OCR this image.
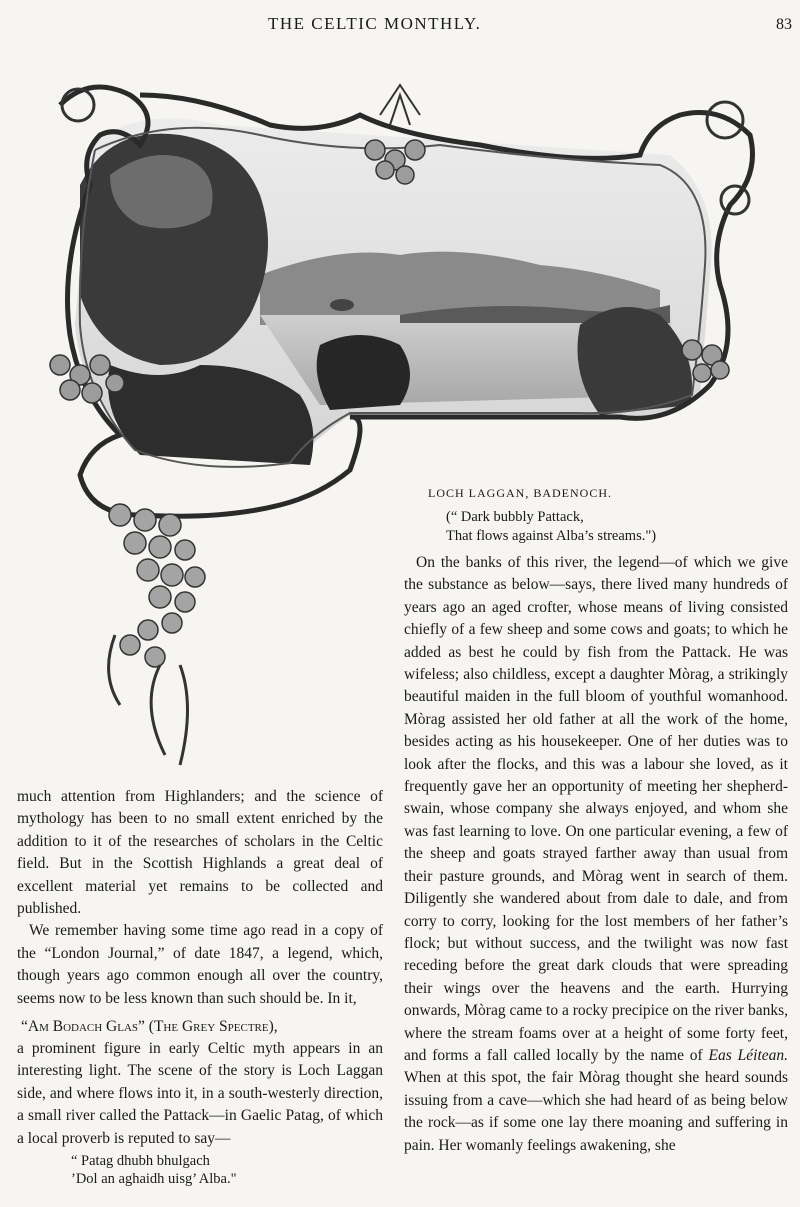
THE CELTIC MONTHLY.	83
LOCH LAGGAN, BADENOCH.
(“ Dark bubbly Pattack,
That flows against Alba’s streams.")

On the banks of this river, the legend—of which we give the substance as below—says, there lived many hundreds of years ago an aged crofter, whose means of living consisted chiefly of a few sheep and some cows and goats; to which he added as best he could by fish from the Pattack. He was wifeless; also childless, except a daughter Mòrag, a strikingly beautiful maiden in the full bloom of youthful womanhood. Mòrag assisted her old father at all the work of the home, besides acting as his housekeeper. One of her duties was to look after the flocks, and this was a labour she loved, as it frequently gave her an opportunity of meeting her shepherd-swain, whose company she always enjoyed, and whom she was fast learning to love. On one particular evening, a few of the sheep and goats strayed farther away than usual from their pasture grounds, and Mòrag went in search of them. Diligently she wandered about from dale to dale, and from corry to corry, looking for the lost members of her father’s flock; but without success, and the twilight was now fast receding before the great dark clouds that were spreading their wings over the heavens and the earth. Hurrying onwards, Mòrag came to a rocky precipice on the river banks, where the stream foams over at a height of some forty feet, and forms a fall called locally by the name of Eas Léitean. When at this spot, the fair Mòrag thought she heard sounds issuing from a cave—which she had heard of as being below the rock—as if some one lay there moaning and suffering in pain. Her womanly feelings awakening, she

much attention from Highlanders; and the science of mythology has been to no small extent enriched by the addition to it of the researches of scholars in the Celtic field. But in the Scottish Highlands a great deal of excellent material yet remains to be collected and published.

We remember having some time ago read in a copy of the “London Journal,” of date 1847, a legend, which, though years ago common enough all over the country, seems now to be less known than such should be. In it,

“Am Bodach Glas” (The Grey Spectre),

a prominent figure in early Celtic myth appears in an interesting light. The scene of the story is Loch Laggan side, and where flows into it, in a south-westerly direction, a small river called the Pattack—in Gaelic Patag, of which a local proverb is reputed to say—

“ Patag dhubh bhulgach
’Dol an aghaidh uisg’ Alba."
